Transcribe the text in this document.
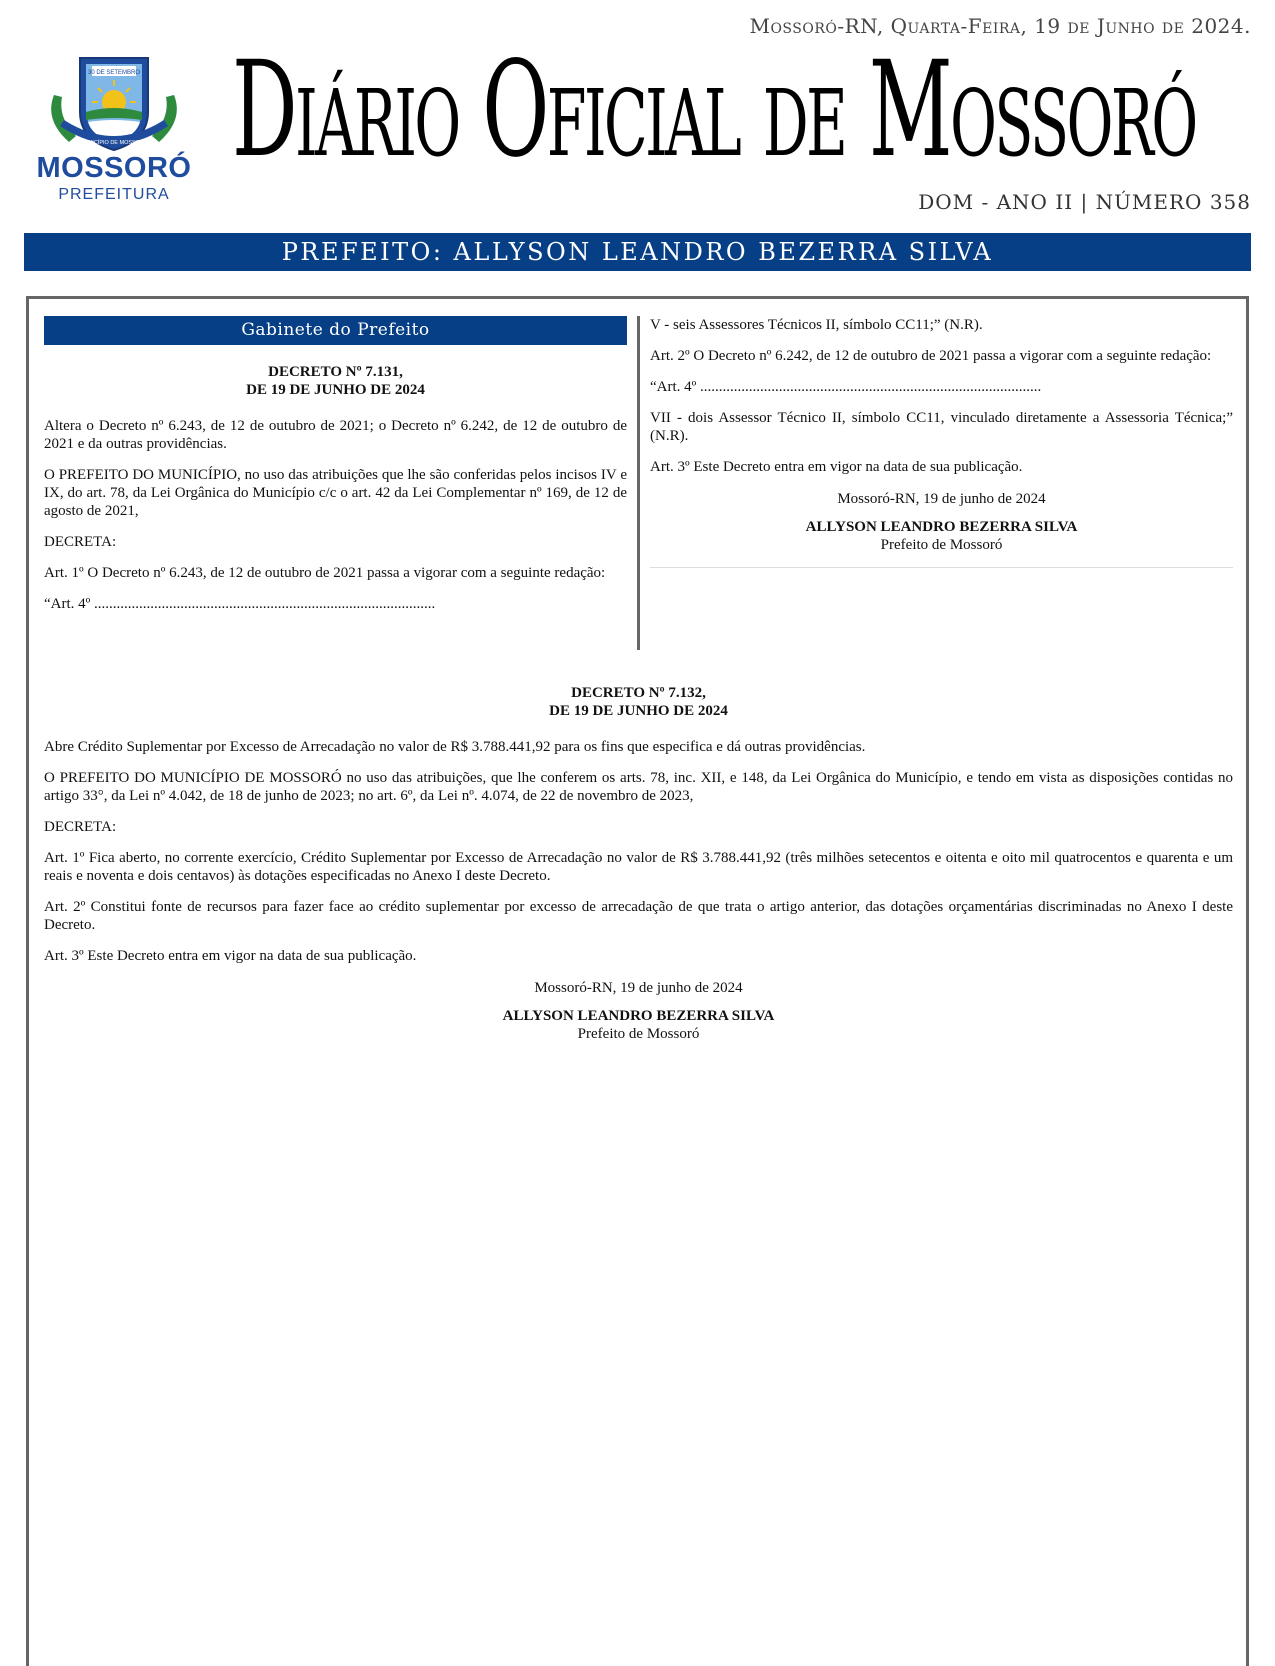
Mossoró-RN, Quarta-Feira, 19 de Junho de 2024.
30 DE SETEMBRO
MUNICÍPIO DE MOSSORÓ
MOSSORÓ
PREFEITURA
Diário Oficial de Mossoró
DOM - ANO II | NÚMERO 358
PREFEITO: ALLYSON LEANDRO BEZERRA SILVA
Gabinete do Prefeito
DECRETO Nº 7.131,
DE 19 DE JUNHO DE 2024

Altera o Decreto nº 6.243, de 12 de outubro de 2021; o Decreto nº 6.242, de 12 de outubro de 2021 e da outras providências.

O PREFEITO DO MUNICÍPIO, no uso das atribuições que lhe são conferidas pelos incisos IV e IX, do art. 78, da Lei Orgânica do Município c/c o art. 42 da Lei Complementar nº 169, de 12 de agosto de 2021,

DECRETA:

Art. 1º O Decreto nº 6.243, de 12 de outubro de 2021 passa a vigorar com a seguinte redação:

“Art. 4º ...........................................................................................

V - seis Assessores Técnicos II, símbolo CC11;” (N.R).

Art. 2º O Decreto nº 6.242, de 12 de outubro de 2021 passa a vigorar com a seguinte redação:

“Art. 4º ...........................................................................................

VII - dois Assessor Técnico II, símbolo CC11, vinculado diretamente a Assessoria Técnica;” (N.R).

Art. 3º Este Decreto entra em vigor na data de sua publicação.

Mossoró-RN, 19 de junho de 2024
ALLYSON LEANDRO BEZERRA SILVA
Prefeito de Mossoró
DECRETO Nº 7.132,
DE 19 DE JUNHO DE 2024

Abre Crédito Suplementar por Excesso de Arrecadação no valor de R$ 3.788.441,92 para os fins que especifica e dá outras providências.

O PREFEITO DO MUNICÍPIO DE MOSSORÓ no uso das atribuições, que lhe conferem os arts. 78, inc. XII, e 148, da Lei Orgânica do Município, e tendo em vista as disposições contidas no artigo 33°, da Lei nº 4.042, de 18 de junho de 2023; no art. 6º, da Lei nº. 4.074, de 22 de novembro de 2023,

DECRETA:

Art. 1º Fica aberto, no corrente exercício, Crédito Suplementar por Excesso de Arrecadação no valor de R$ 3.788.441,92 (três milhões setecentos e oitenta e oito mil quatrocentos e quarenta e um reais e noventa e dois centavos) às dotações especificadas no Anexo I deste Decreto.

Art. 2º Constitui fonte de recursos para fazer face ao crédito suplementar por excesso de arrecadação de que trata o artigo anterior, das dotações orçamentárias discriminadas no Anexo I deste Decreto.

Art. 3º Este Decreto entra em vigor na data de sua publicação.

Mossoró-RN, 19 de junho de 2024
ALLYSON LEANDRO BEZERRA SILVA
Prefeito de Mossoró
